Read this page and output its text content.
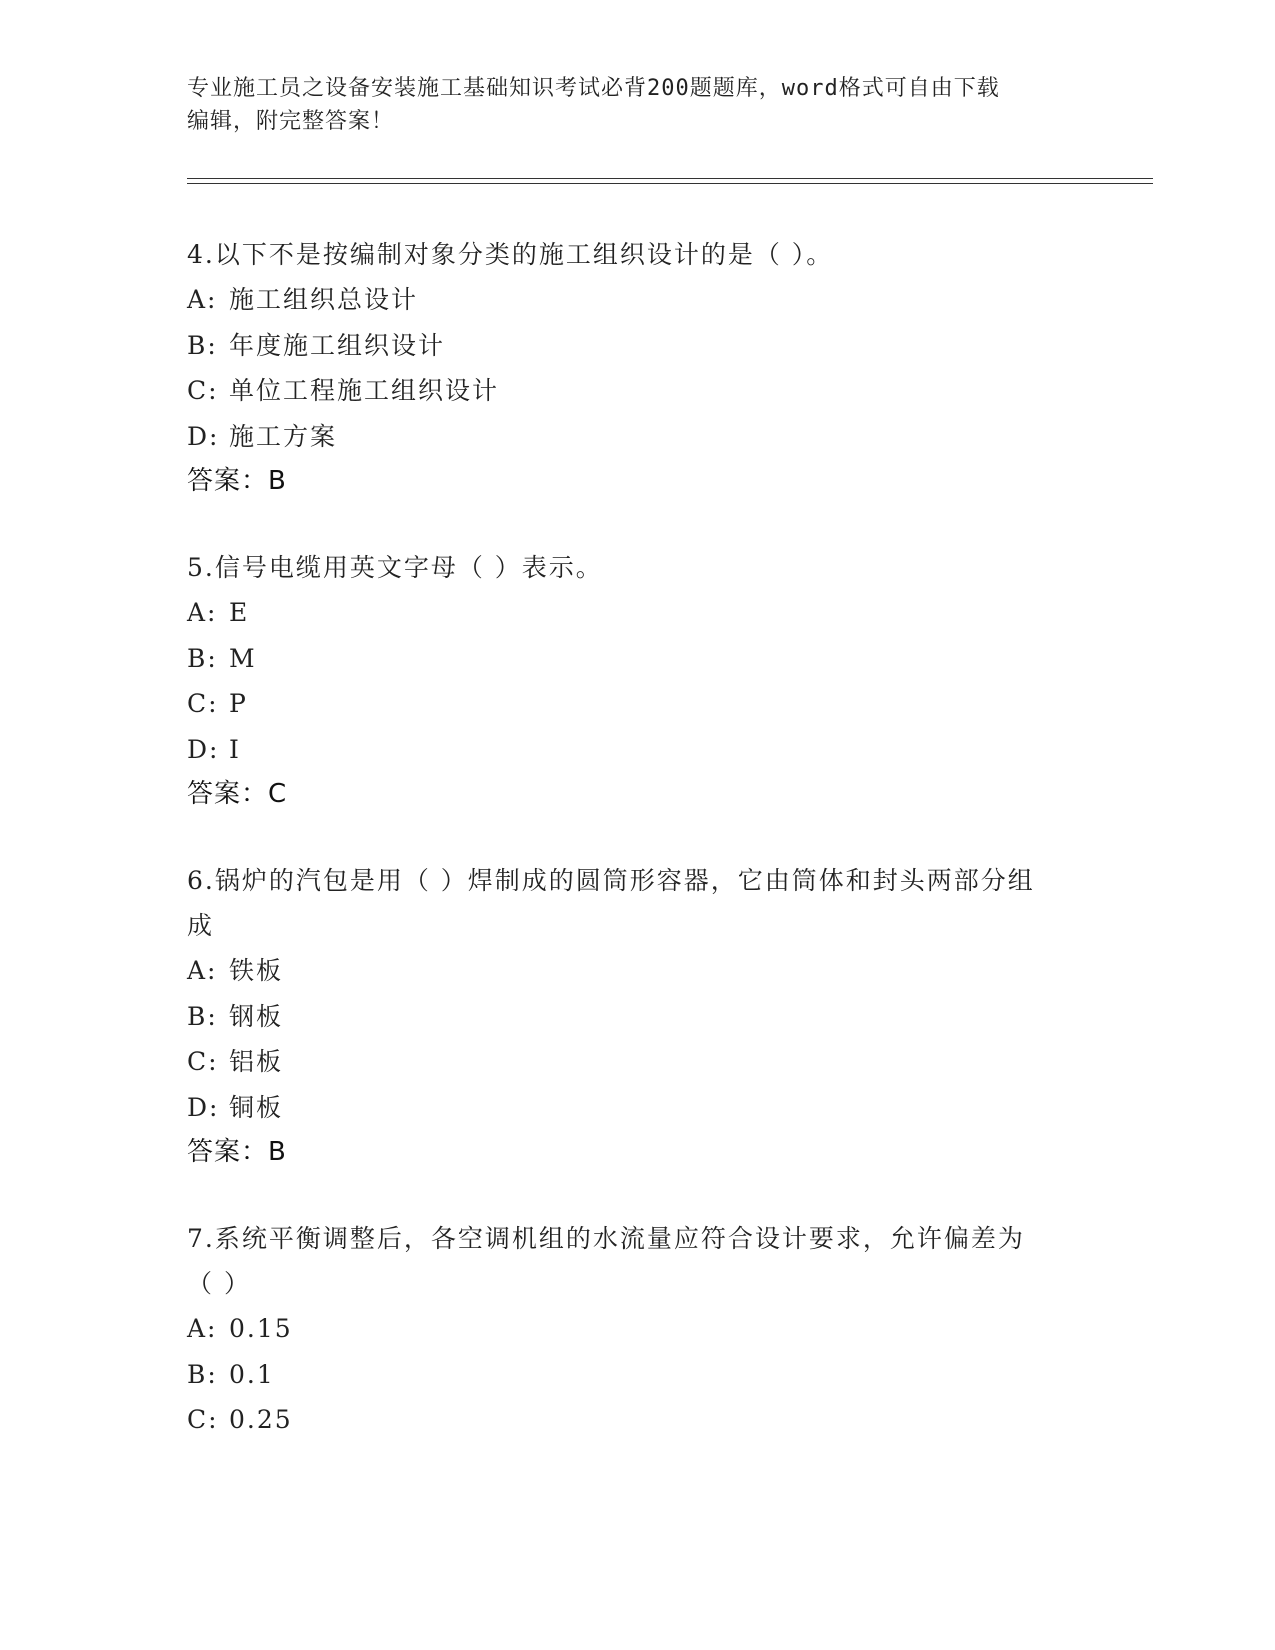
专业施工员之设备安装施工基础知识考试必背200题题库，word格式可自由下载
编辑，附完整答案！
4.以下不是按编制对象分类的施工组织设计的是（ ）。
A: 施工组织总设计
B: 年度施工组织设计
C: 单位工程施工组织设计
D: 施工方案
答案：B
5.信号电缆用英文字母（ ）表示。
A: E
B: M
C: P
D: I
答案：C
6.锅炉的汽包是用（ ）焊制成的圆筒形容器，它由筒体和封头两部分组成
A: 铁板
B: 钢板
C: 铝板
D: 铜板
答案：B
7.系统平衡调整后，各空调机组的水流量应符合设计要求，允许偏差为（ ）
A: 0.15
B: 0.1
C: 0.25
